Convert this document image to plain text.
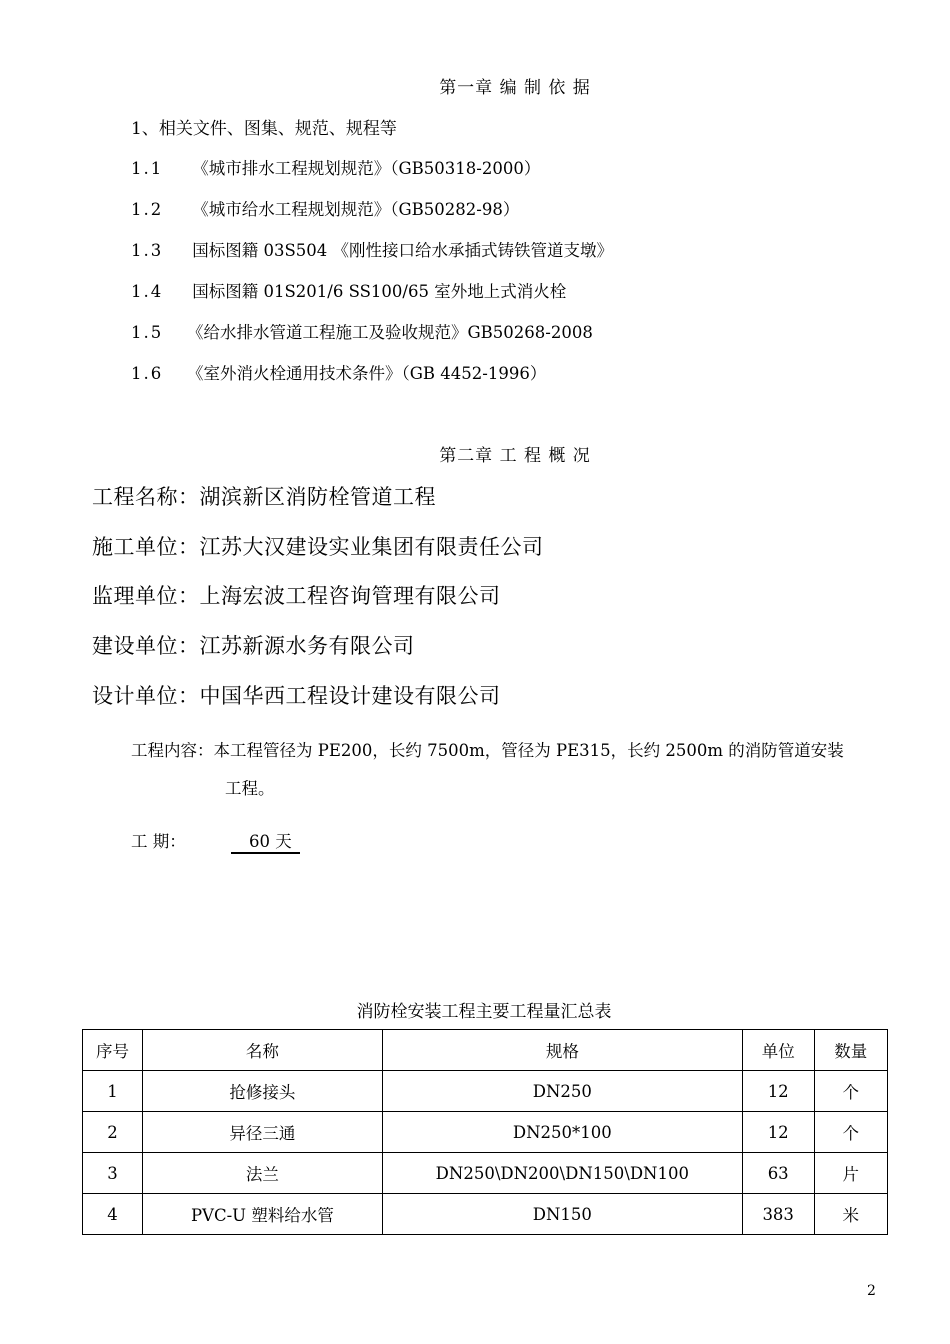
第一章 编 制 依 据
1、相关文件、图集、规范、规程等
1.1 《城市排水工程规划规范》（GB50318-2000）
1.2 《城市给水工程规划规范》（GB50282-98）
1.3 国标图籍 03S504 《刚性接口给水承插式铸铁管道支墩》
1.4 国标图籍 01S201/6 SS100/65 室外地上式消火栓
1.5 《给水排水管道工程施工及验收规范》GB50268-2008
1.6 《室外消火栓通用技术条件》（GB 4452-1996）
第二章 工 程 概 况
工程名称：湖滨新区消防栓管道工程
施工单位：江苏大汉建设实业集团有限责任公司
监理单位：上海宏波工程咨询管理有限公司
建设单位：江苏新源水务有限公司
设计单位：中国华西工程设计建设有限公司
工程内容：本工程管径为 PE200，长约 7500m，管径为 PE315，长约 2500m 的消防管道安装
工程。
工 期：	60 天
消防栓安装工程主要工程量汇总表
序号	名称	规格	单位	数量
1	抢修接头	DN250	12	个
2	异径三通	DN250*100	12	个
3	法兰	DN250\DN200\DN150\DN100	63	片
4	PVC-U 塑料给水管	DN150	383	米
2
